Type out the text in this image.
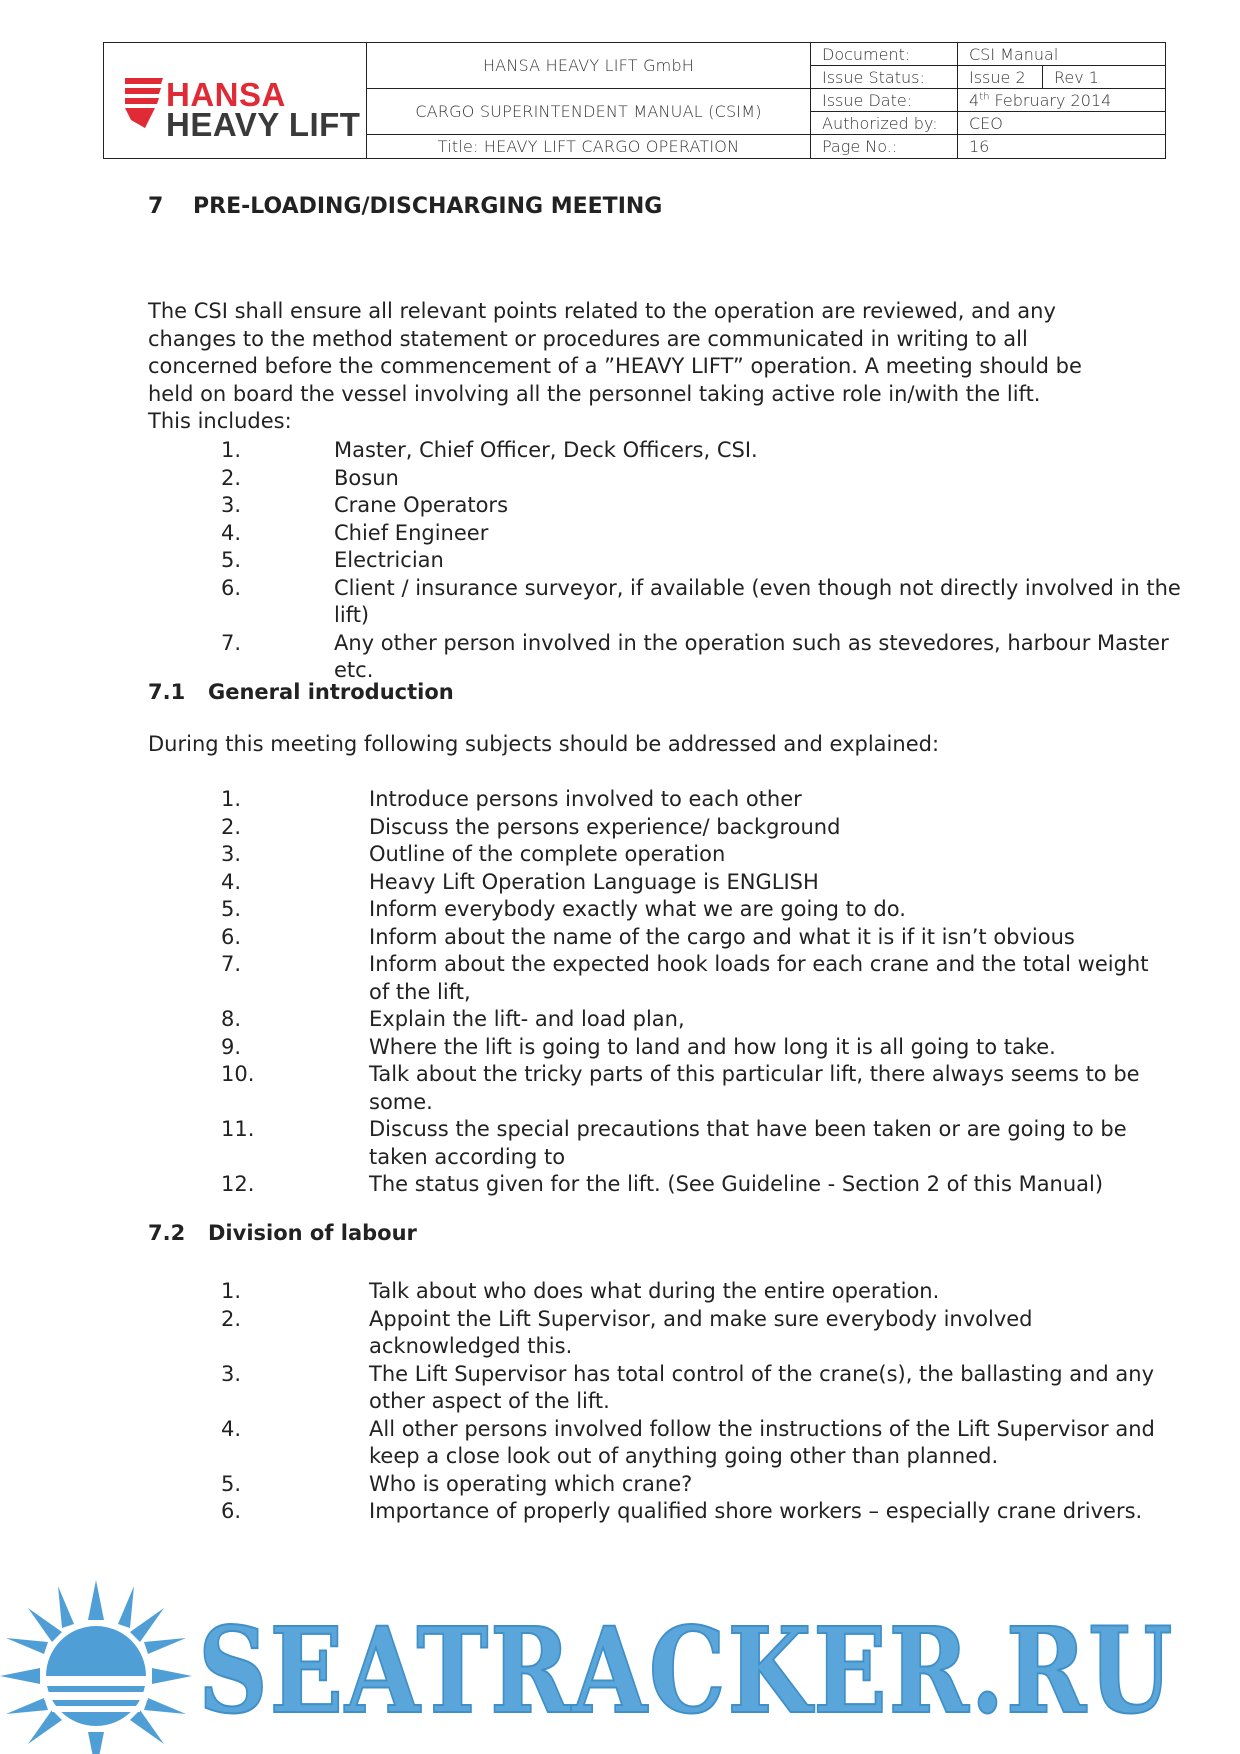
HANSA
HEAVY LIFT	HANSA HEAVY LIFT GmbH	Document:	CSI Manual	
		Issue Status:	Issue 2	Rev 1
	CARGO SUPERINTENDENT MANUAL (CSIM)	Issue Date:	4th February 2014	
		Authorized by:	CEO	
	Title: HEAVY LIFT CARGO OPERATION	Page No.:	16	
7 PRE-LOADING/DISCHARGING MEETING
The CSI shall ensure all relevant points related to the operation are reviewed, and any changes to the method statement or procedures are communicated in writing to all concerned before the commencement of a ”HEAVY LIFT” operation. A meeting should be held on board the vessel involving all the personnel taking active role in/with the lift. This includes:
1.	Master, Chief Officer, Deck Officers, CSI.
2.	Bosun
3.	Crane Operators
4.	Chief Engineer
5.	Electrician
6.	Client / insurance surveyor, if available (even though not directly involved in the lift)
7.	Any other person involved in the operation such as stevedores, harbour Master etc.
7.1 General introduction
During this meeting following subjects should be addressed and explained:
1.	Introduce persons involved to each other
2.	Discuss the persons experience/ background
3.	Outline of the complete operation
4.	Heavy Lift Operation Language is ENGLISH
5.	Inform everybody exactly what we are going to do.
6.	Inform about the name of the cargo and what it is if it isn’t obvious
7.	Inform about the expected hook loads for each crane and the total weight of the lift,
8.	Explain the lift- and load plan,
9.	Where the lift is going to land and how long it is all going to take.
10.	Talk about the tricky parts of this particular lift, there always seems to be some.
11.	Discuss the special precautions that have been taken or are going to be taken according to
12.	The status given for the lift. (See Guideline - Section 2 of this Manual)
7.2 Division of labour
1.	Talk about who does what during the entire operation.
2.	Appoint the Lift Supervisor, and make sure everybody involved acknowledged this.
3.	The Lift Supervisor has total control of the crane(s), the ballasting and any other aspect of the lift.
4.	All other persons involved follow the instructions of the Lift Supervisor and keep a close look out of anything going other than planned.
5.	Who is operating which crane?
6.	Importance of properly qualified shore workers – especially crane drivers.
SEATRACKER.RU
